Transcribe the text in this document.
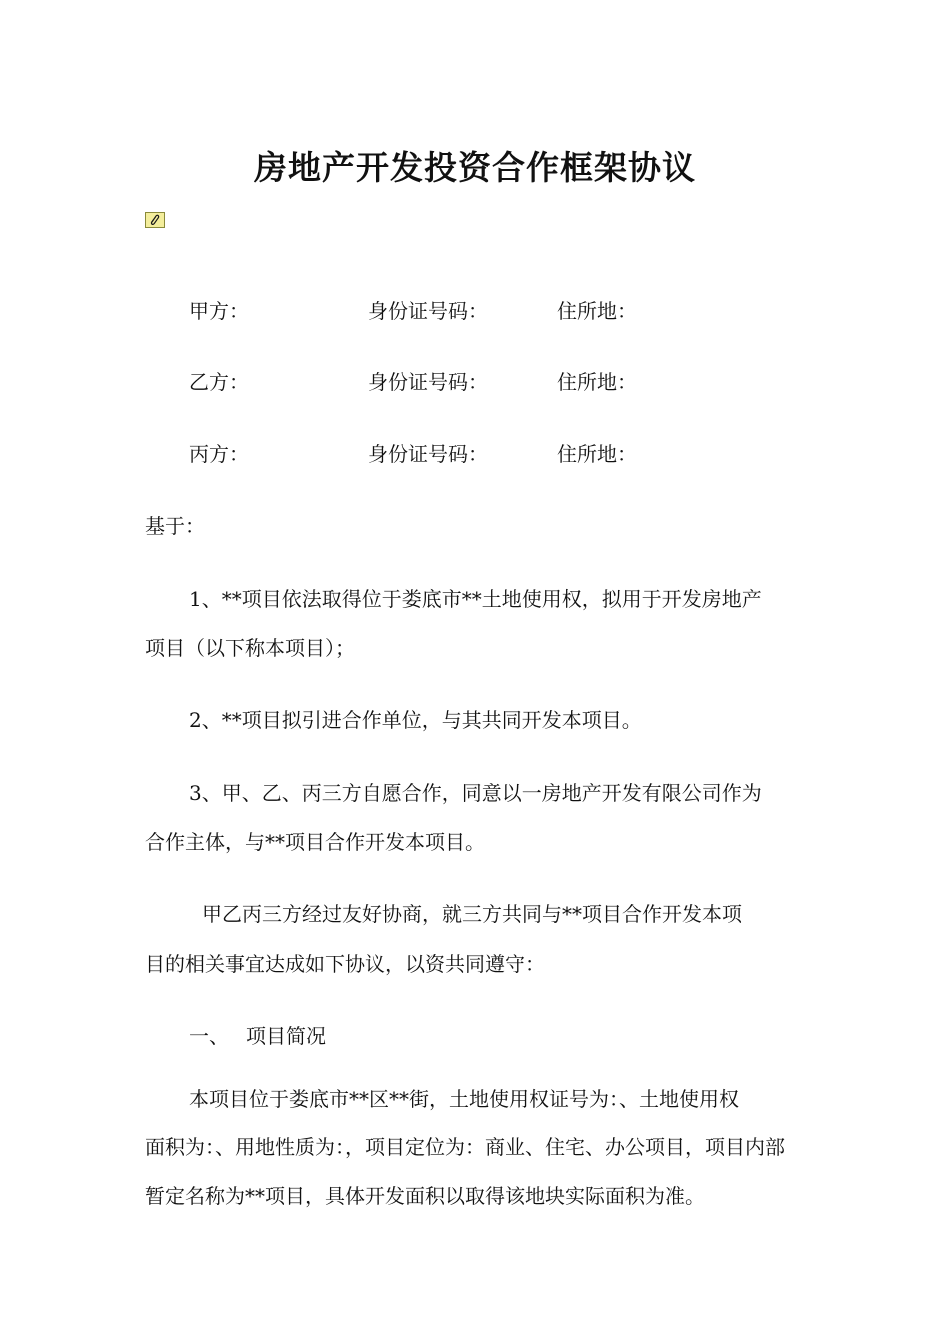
房地产开发投资合作框架协议

甲方：	身份证号码：	住所地：

乙方：	身份证号码：	住所地：

丙方：	身份证号码：	住所地：

基于：

1、**项目依法取得位于娄底市**土地使用权，拟用于开发房地产

项目（以下称本项目）；

2、**项目拟引进合作单位，与其共同开发本项目。

3、甲、乙、丙三方自愿合作，同意以一房地产开发有限公司作为

合作主体，与**项目合作开发本项目。

甲乙丙三方经过友好协商，就三方共同与**项目合作开发本项

目的相关事宜达成如下协议，以资共同遵守：

一、 项目简况

本项目位于娄底市**区**街，土地使用权证号为：、土地使用权

面积为：、用地性质为：，项目定位为：商业、住宅、办公项目，项目内部

暂定名称为**项目，具体开发面积以取得该地块实际面积为准。
